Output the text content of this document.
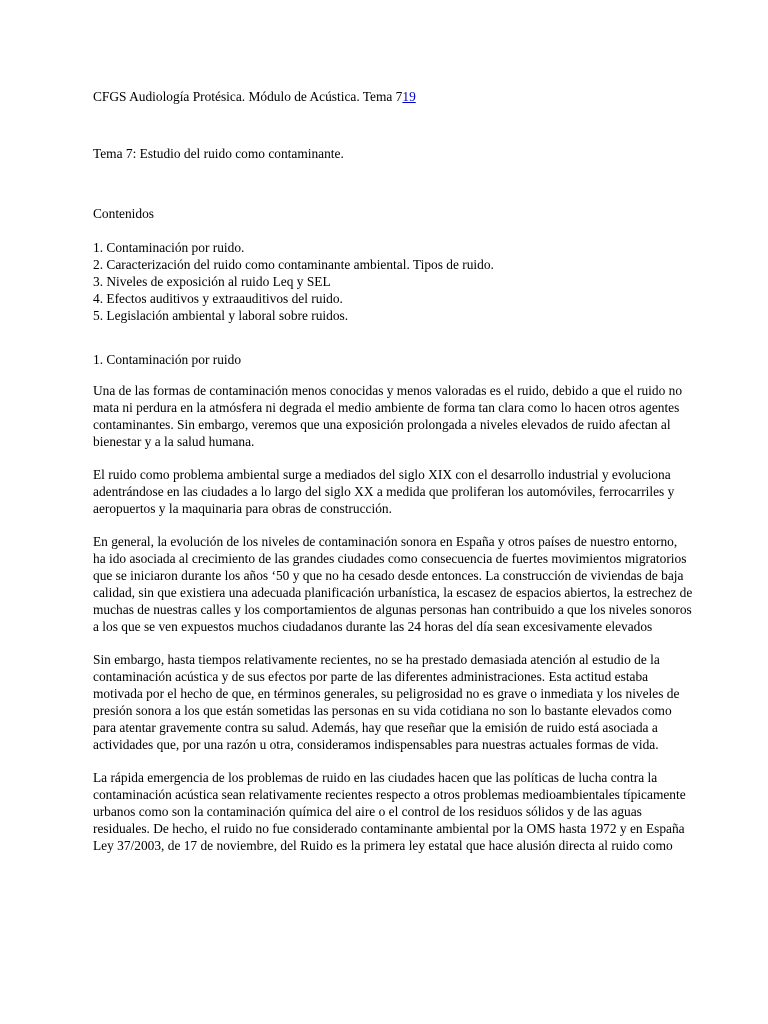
CFGS Audiología Protésica. Módulo de Acústica. Tema 719

Tema 7: Estudio del ruido como contaminante.

Contenidos

1. Contaminación por ruido.
2. Caracterización del ruido como contaminante ambiental. Tipos de ruido.
3. Niveles de exposición al ruido Leq y SEL
4. Efectos auditivos y extraauditivos del ruido.
5. Legislación ambiental y laboral sobre ruidos.

1. Contaminación por ruido

Una de las formas de contaminación menos conocidas y menos valoradas es el ruido, debido a que el ruido no mata ni perdura en la atmósfera ni degrada el medio ambiente de forma tan clara como lo hacen otros agentes contaminantes. Sin embargo, veremos que una exposición prolongada a niveles elevados de ruido afectan al bienestar y a la salud humana.

El ruido como problema ambiental surge a mediados del siglo XIX con el desarrollo industrial y evoluciona adentrándose en las ciudades a lo largo del siglo XX a medida que proliferan los automóviles, ferrocarriles y aeropuertos y la maquinaria para obras de construcción.

En general, la evolución de los niveles de contaminación sonora en España y otros países de nuestro entorno, ha ido asociada al crecimiento de las grandes ciudades como consecuencia de fuertes movimientos migratorios que se iniciaron durante los años ‘50 y que no ha cesado desde entonces. La construcción de viviendas de baja calidad, sin que existiera una adecuada planificación urbanística, la escasez de espacios abiertos, la estrechez de muchas de nuestras calles y los comportamientos de algunas personas han contribuido a que los niveles sonoros a los que se ven expuestos muchos ciudadanos durante las 24 horas del día sean excesivamente elevados

Sin embargo, hasta tiempos relativamente recientes, no se ha prestado demasiada atención al estudio de la contaminación acústica y de sus efectos por parte de las diferentes administraciones. Esta actitud estaba motivada por el hecho de que, en términos generales, su peligrosidad no es grave o inmediata y los niveles de presión sonora a los que están sometidas las personas en su vida cotidiana no son lo bastante elevados como para atentar gravemente contra su salud. Además, hay que reseñar que la emisión de ruido está asociada a actividades que, por una razón u otra, consideramos indispensables para nuestras actuales formas de vida.

La rápida emergencia de los problemas de ruido en las ciudades hacen que las políticas de lucha contra la contaminación acústica sean relativamente recientes respecto a otros problemas medioambientales típicamente urbanos como son la contaminación química del aire o el control de los residuos sólidos y de las aguas residuales. De hecho, el ruido no fue considerado contaminante ambiental por la OMS hasta 1972 y en España Ley 37/2003, de 17 de noviembre, del Ruido es la primera ley estatal que hace alusión directa al ruido como
